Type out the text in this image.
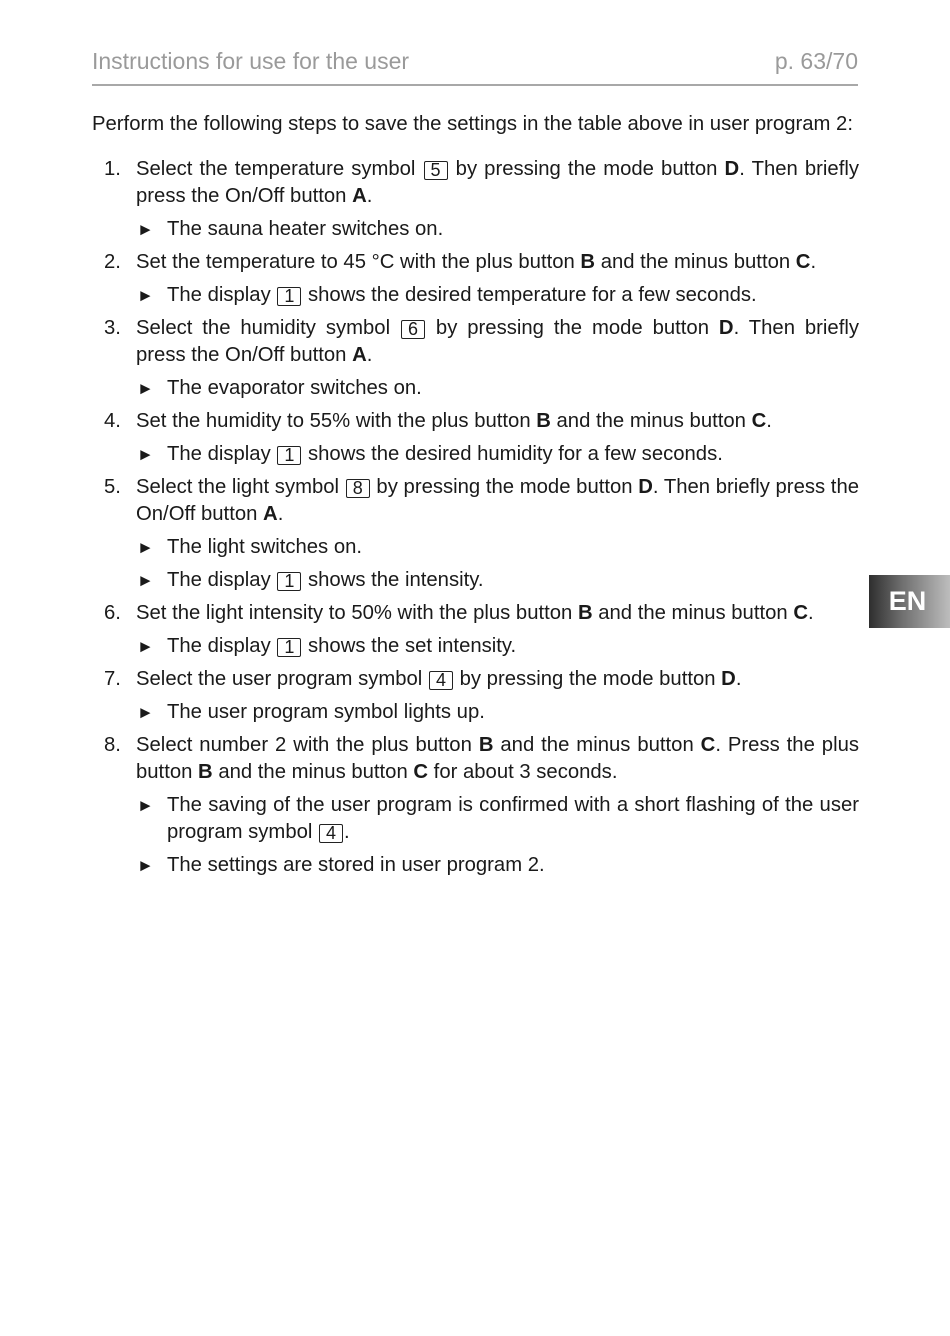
Instructions for use for the user	p. 63/70

Perform the following steps to save the settings in the table above in user program 2:

1. Select the temperature symbol 5 by pressing the mode button D. Then briefly press the On/Off button A.
► The sauna heater switches on.
2. Set the temperature to 45 °C with the plus button B and the minus button C.
► The display 1 shows the desired temperature for a few seconds.
3. Select the humidity symbol 6 by pressing the mode button D. Then briefly press the On/Off button A.
► The evaporator switches on.
4. Set the humidity to 55% with the plus button B and the minus button C.
► The display 1 shows the desired humidity for a few seconds.
5. Select the light symbol 8 by pressing the mode button D. Then briefly press the On/Off button A.
► The light switches on.
► The display 1 shows the intensity.
6. Set the light intensity to 50% with the plus button B and the minus button C.
► The display 1 shows the set intensity.
7. Select the user program symbol 4 by pressing the mode button D.
► The user program symbol lights up.
8. Select number 2 with the plus button B and the minus button C. Press the plus button B and the minus button C for about 3 seconds.
► The saving of the user program is confirmed with a short flashing of the user program symbol 4 .
► The settings are stored in user program 2.
EN
